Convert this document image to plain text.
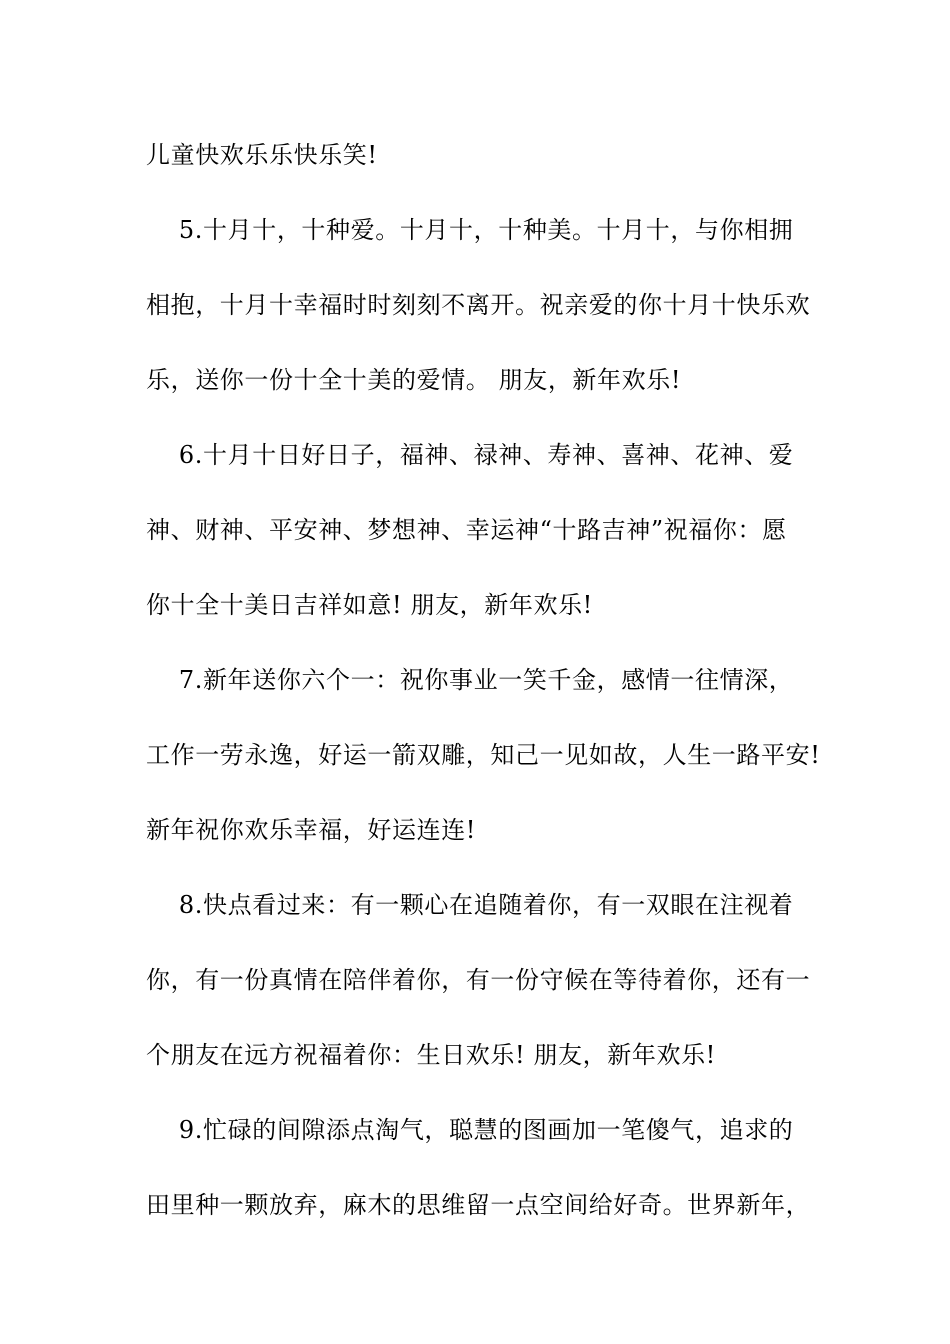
儿童快欢乐乐快乐笑!
5.十月十，十种爱。十月十，十种美。十月十，与你相拥
相抱，十月十幸福时时刻刻不离开。祝亲爱的你十月十快乐欢
乐，送你一份十全十美的爱情。 朋友，新年欢乐!
6.十月十日好日子，福神、禄神、寿神、喜神、花神、爱
神、财神、平安神、梦想神、幸运神“十路吉神”祝福你：愿
你十全十美日吉祥如意! 朋友，新年欢乐!
7.新年送你六个一：祝你事业一笑千金，感情一往情深，
工作一劳永逸，好运一箭双雕，知己一见如故，人生一路平安!
新年祝你欢乐幸福，好运连连!
8.快点看过来：有一颗心在追随着你，有一双眼在注视着
你，有一份真情在陪伴着你，有一份守候在等待着你，还有一
个朋友在远方祝福着你：生日欢乐! 朋友，新年欢乐!
9.忙碌的间隙添点淘气，聪慧的图画加一笔傻气，追求的
田里种一颗放弃，麻木的思维留一点空间给好奇。世界新年，
